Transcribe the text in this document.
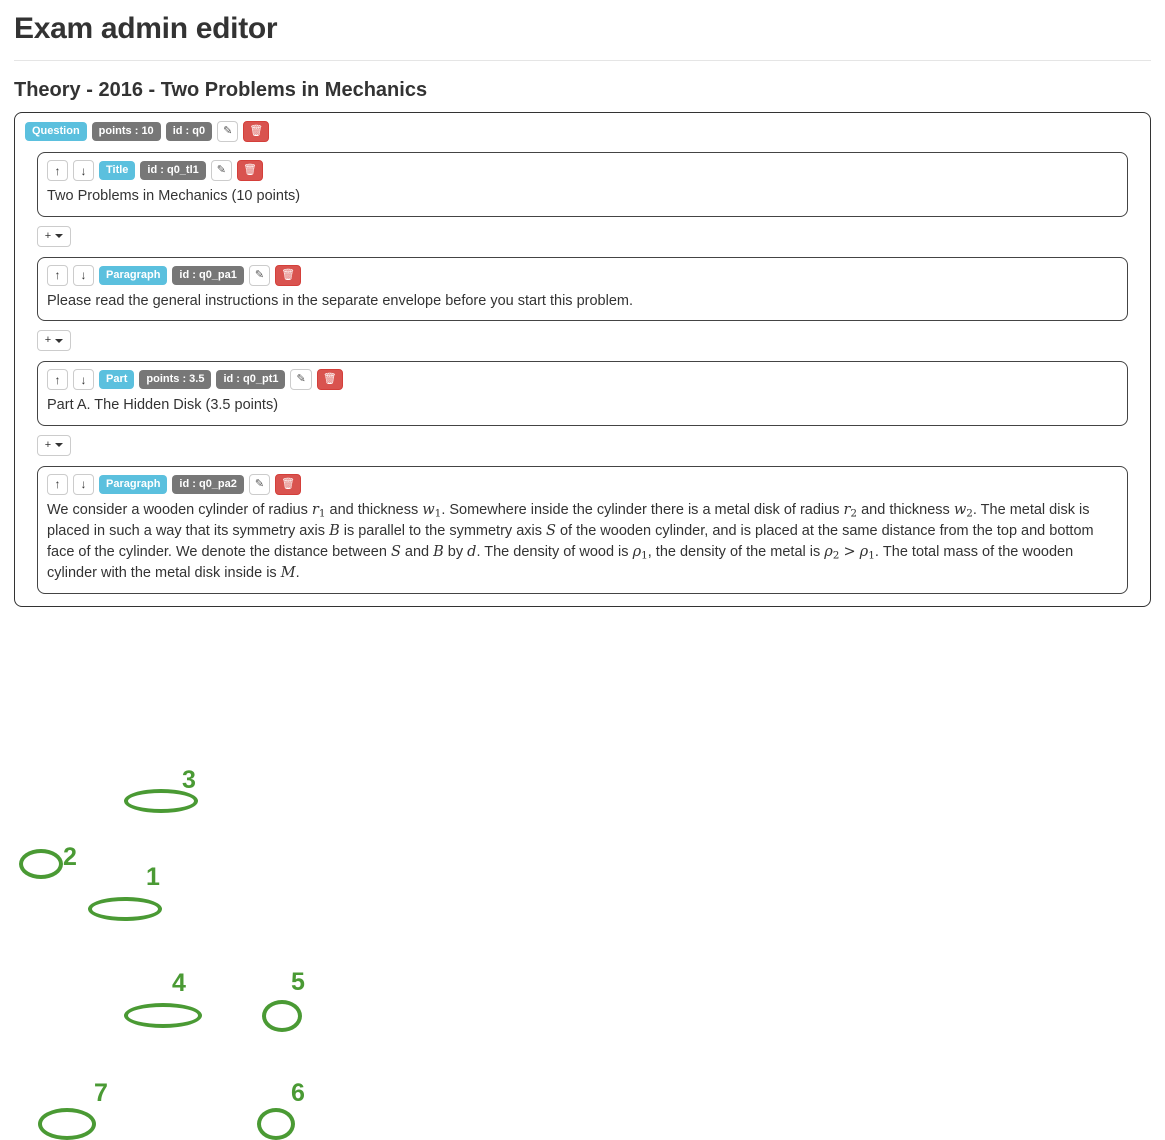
Exam admin editor
Theory - 2016 - Two Problems in Mechanics
Question	points : 10	id : q0	✎	🗑
↑	↓	Title	id : q0_tl1	✎	🗑
Two Problems in Mechanics (10 points)
+
↑	↓	Paragraph	id : q0_pa1	✎	🗑
Please read the general instructions in the separate envelope before you start this problem.
+
↑	↓	Part	points : 3.5	id : q0_pt1	✎	🗑
Part A. The Hidden Disk (3.5 points)
+
↑	↓	Paragraph	id : q0_pa2	✎	🗑
We consider a wooden cylinder of radius r1 and thickness w1. Somewhere inside the cylinder there is a metal disk of radius r2 and thickness w2. The metal disk is placed in such a way that its symmetry axis B is parallel to the symmetry axis S of the wooden cylinder, and is placed at the same distance from the top and bottom face of the cylinder. We denote the distance between S and B by d. The density of wood is ρ1, the density of the metal is ρ2 > ρ1. The total mass of the wooden cylinder with the metal disk inside is M.
1
2
3
4	5
6
7
